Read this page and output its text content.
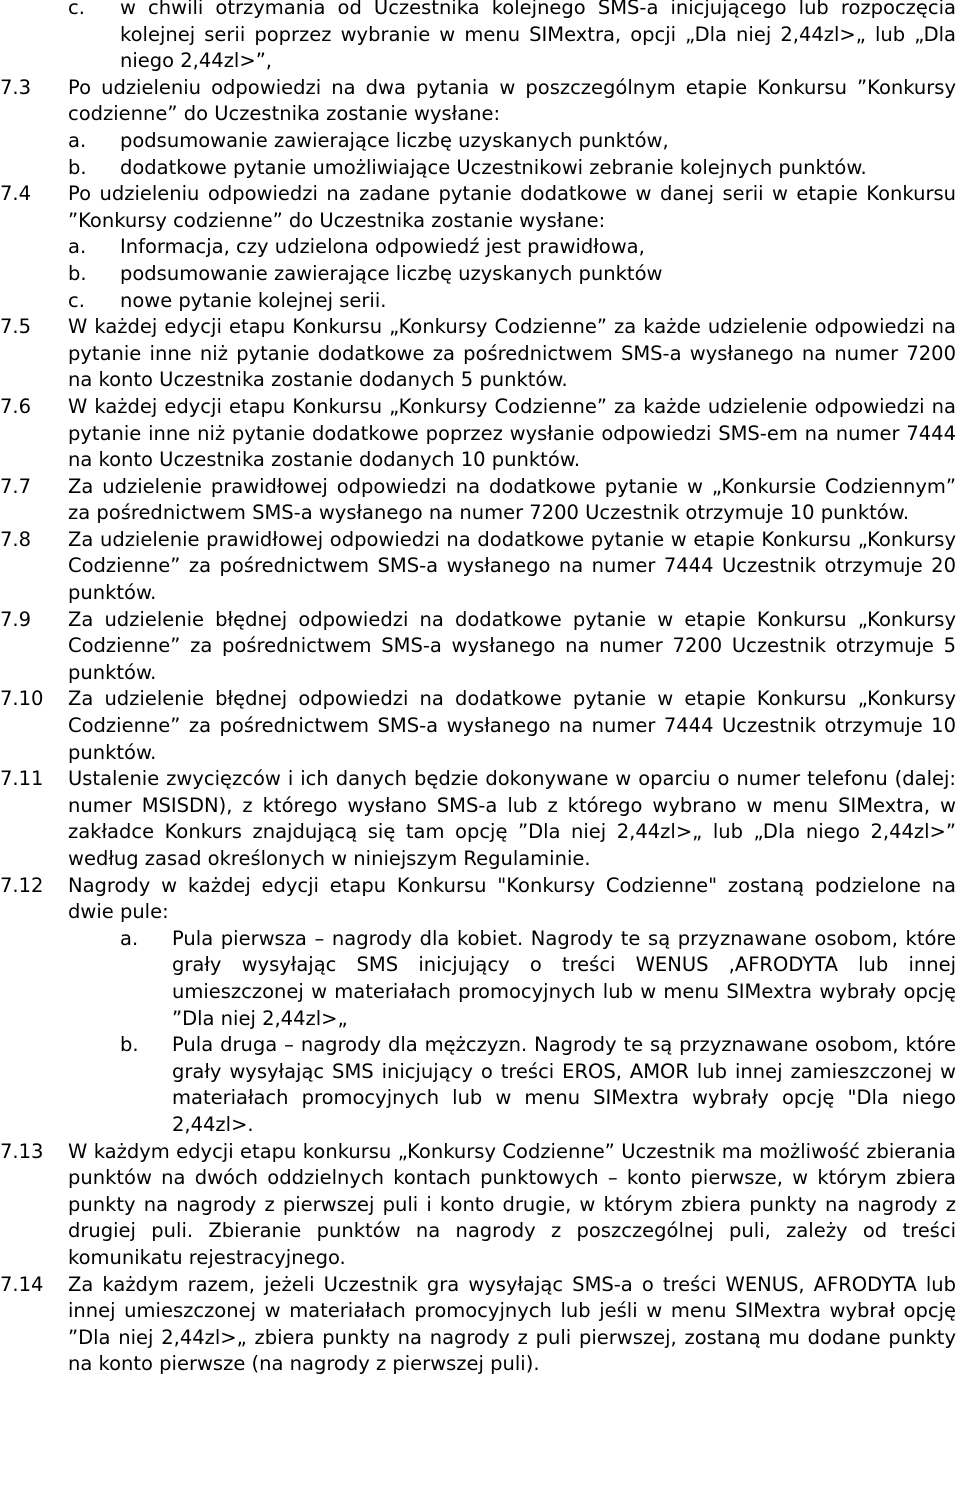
c.	w chwili otrzymania od Uczestnika kolejnego SMS-a inicjującego lub rozpoczęcia kolejnej serii poprzez wybranie w menu SIMextra, opcji „Dla niej 2,44zl>„ lub „Dla niego 2,44zl>”,
7.3	Po udzieleniu odpowiedzi na dwa pytania w poszczególnym etapie Konkursu ”Konkursy codzienne” do Uczestnika zostanie wysłane:
a.	podsumowanie zawierające liczbę uzyskanych punktów,
b.	dodatkowe pytanie umożliwiające Uczestnikowi zebranie kolejnych punktów.
7.4	Po udzieleniu odpowiedzi na zadane pytanie dodatkowe w danej serii w etapie Konkursu ”Konkursy codzienne” do Uczestnika zostanie wysłane:
a.	Informacja, czy udzielona odpowiedź jest prawidłowa,
b.	podsumowanie zawierające liczbę uzyskanych punktów
c.	nowe pytanie kolejnej serii.
7.5	W każdej edycji etapu Konkursu „Konkursy Codzienne” za każde udzielenie odpowiedzi na pytanie inne niż pytanie dodatkowe za pośrednictwem SMS-a wysłanego na numer 7200 na konto Uczestnika zostanie dodanych 5 punktów.
7.6	W każdej edycji etapu Konkursu „Konkursy Codzienne” za każde udzielenie odpowiedzi na pytanie inne niż pytanie dodatkowe poprzez wysłanie odpowiedzi SMS-em na numer 7444 na konto Uczestnika zostanie dodanych 10 punktów.
7.7	Za udzielenie prawidłowej odpowiedzi na dodatkowe pytanie w „Konkursie Codziennym” za pośrednictwem SMS-a wysłanego na numer 7200 Uczestnik otrzymuje 10 punktów.
7.8	Za udzielenie prawidłowej odpowiedzi na dodatkowe pytanie w etapie Konkursu „Konkursy Codzienne” za pośrednictwem SMS-a wysłanego na numer 7444 Uczestnik otrzymuje 20 punktów.
7.9	Za udzielenie błędnej odpowiedzi na dodatkowe pytanie w etapie Konkursu „Konkursy Codzienne” za pośrednictwem SMS-a wysłanego na numer 7200 Uczestnik otrzymuje 5 punktów.
7.10	Za udzielenie błędnej odpowiedzi na dodatkowe pytanie w etapie Konkursu „Konkursy Codzienne” za pośrednictwem SMS-a wysłanego na numer 7444 Uczestnik otrzymuje 10 punktów.
7.11	Ustalenie zwycięzców i ich danych będzie dokonywane w oparciu o numer telefonu (dalej: numer MSISDN), z którego wysłano SMS-a lub z którego wybrano w menu SIMextra, w zakładce Konkurs znajdującą się tam opcję ”Dla niej 2,44zl>„ lub „Dla niego 2,44zl>” według zasad określonych w niniejszym Regulaminie.
7.12	Nagrody w każdej edycji etapu Konkursu "Konkursy Codzienne" zostaną podzielone na dwie pule:
a.	Pula pierwsza – nagrody dla kobiet. Nagrody te są przyznawane osobom, które grały wysyłając SMS inicjujący o treści WENUS ,AFRODYTA lub innej umieszczonej w materiałach promocyjnych lub w menu SIMextra wybrały opcję ”Dla niej 2,44zl>„
b.	Pula druga – nagrody dla mężczyzn. Nagrody te są przyznawane osobom, które grały wysyłając SMS inicjujący o treści EROS, AMOR lub innej zamieszczonej w materiałach promocyjnych lub w menu SIMextra wybrały opcję "Dla niego 2,44zl>.
7.13	W każdym edycji etapu konkursu „Konkursy Codzienne” Uczestnik ma możliwość zbierania punktów na dwóch oddzielnych kontach punktowych – konto pierwsze, w którym zbiera punkty na nagrody z pierwszej puli i konto drugie, w którym zbiera punkty na nagrody z drugiej puli. Zbieranie punktów na nagrody z poszczególnej puli, zależy od treści komunikatu rejestracyjnego.
7.14	Za każdym razem, jeżeli Uczestnik gra wysyłając SMS-a o treści WENUS, AFRODYTA lub innej umieszczonej w materiałach promocyjnych lub jeśli w menu SIMextra wybrał opcję ”Dla niej 2,44zl>„ zbiera punkty na nagrody z puli pierwszej, zostaną mu dodane punkty na konto pierwsze (na nagrody z pierwszej puli).
